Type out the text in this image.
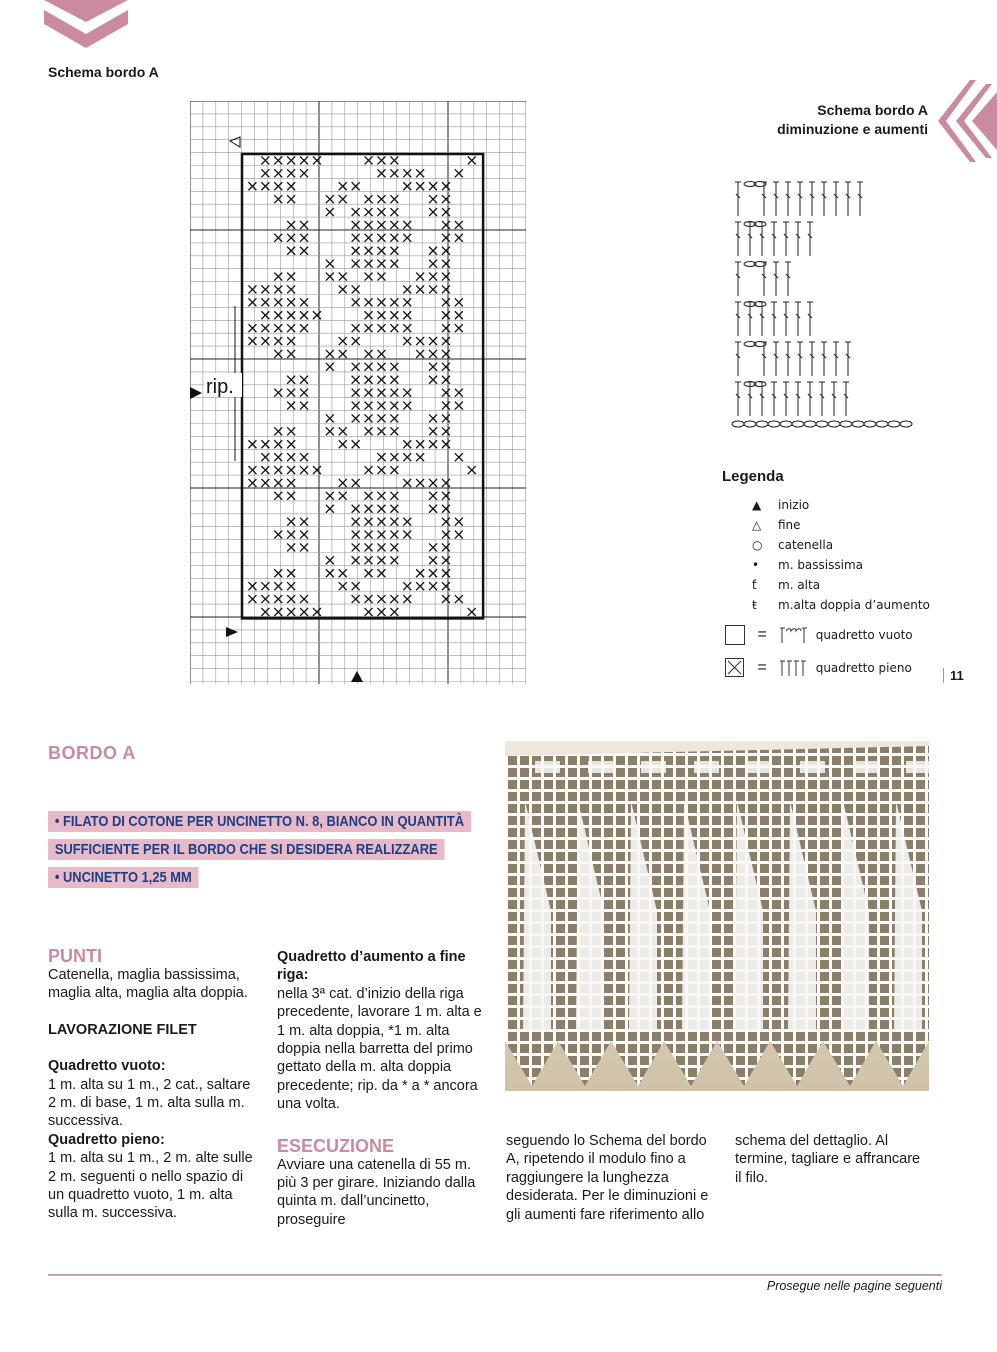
Schema bordo A
rip.
Schema bordo A
diminuzione e aumenti
Legenda
=	quadretto vuoto
=	quadretto pieno	11
BORDO A
• FILATO DI COTONE PER UNCINETTO N. 8, BIANCO IN QUANTITÀ
SUFFICIENTE PER IL BORDO CHE SI DESIDERA REALIZZARE
• UNCINETTO 1,25 MM

PUNTI

Catenella, maglia bassissima, maglia alta, maglia alta doppia.

LAVORAZIONE FILET

Quadretto vuoto:

1 m. alta su 1 m., 2 cat., saltare 2 m. di base, 1 m. alta sulla m. successiva.

Quadretto pieno:

1 m. alta su 1 m., 2 m. alte sulle 2 m. seguenti o nello spazio di un quadretto vuoto, 1 m. alta sulla m. successiva.

Quadretto d’aumento a fine riga:

nella 3ª cat. d’inizio della riga precedente, lavorare 1 m. alta e 1 m. alta doppia, *1 m. alta doppia nella barretta del primo gettato della m. alta doppia precedente; rip. da * a * ancora una volta.

ESECUZIONE

Avviare una catenella di 55 m. più 3 per girare. Iniziando dalla quinta m. dall’uncinetto, proseguire

seguendo lo Schema del bordo A, ripetendo il modulo fino a raggiungere la lunghezza desiderata. Per le diminuzioni e gli aumenti fare riferimento allo

schema del dettaglio. Al termine, tagliare e affrancare il filo.

Prosegue nelle pagine seguenti
▲ inizio
△ fine
○ catenella
• m. bassissima
ƭ m. alta
ŧ m.alta doppia d’aumento
